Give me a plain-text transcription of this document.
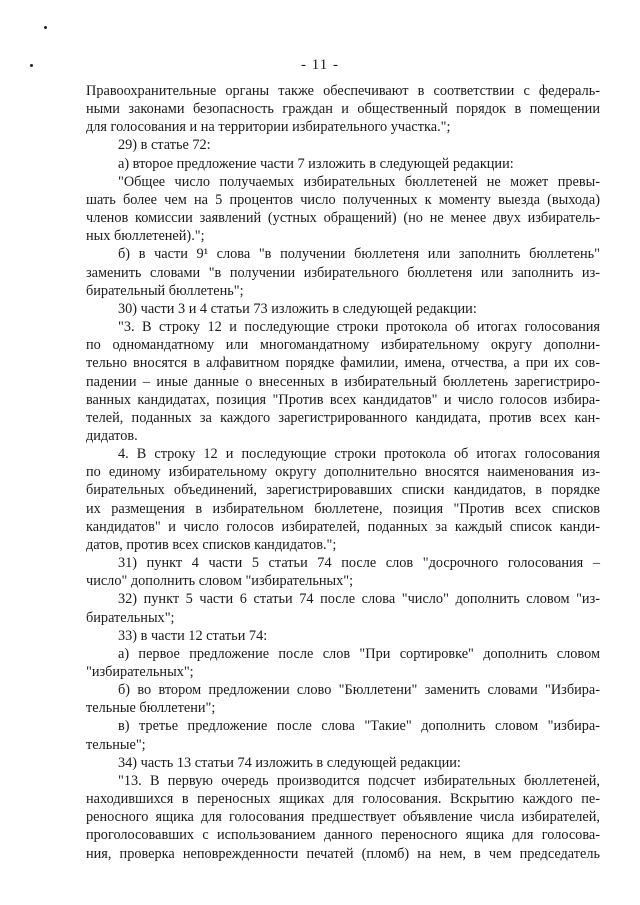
- 11 -

Правоохранительные органы также обеспечивают в соответствии с федераль-

ными законами безопасность граждан и общественный порядок в помещении

для голосования и на территории избирательного участка.";

29) в статье 72:

а) второе предложение части 7 изложить в следующей редакции:

"Общее число получаемых избирательных бюллетеней не может превы-

шать более чем на 5 процентов число полученных к моменту выезда (выхода)

членов комиссии заявлений (устных обращений) (но не менее двух избиратель-

ных бюллетеней).";

б) в части 9¹ слова "в получении бюллетеня или заполнить бюллетень"

заменить словами "в получении избирательного бюллетеня или заполнить из-

бирательный бюллетень";

30) части 3 и 4 статьи 73 изложить в следующей редакции:

"3. В строку 12 и последующие строки протокола об итогах голосования

по одномандатному или многомандатному избирательному округу дополни-

тельно вносятся в алфавитном порядке фамилии, имена, отчества, а при их сов-

падении – иные данные о внесенных в избирательный бюллетень зарегистриро-

ванных кандидатах, позиция "Против всех кандидатов" и число голосов избира-

телей, поданных за каждого зарегистрированного кандидата, против всех кан-

дидатов.

4. В строку 12 и последующие строки протокола об итогах голосования

по единому избирательному округу дополнительно вносятся наименования из-

бирательных объединений, зарегистрировавших списки кандидатов, в порядке

их размещения в избирательном бюллетене, позиция "Против всех списков

кандидатов" и число голосов избирателей, поданных за каждый список канди-

датов, против всех списков кандидатов.";

31) пункт 4 части 5 статьи 74 после слов "досрочного голосования –

число" дополнить словом "избирательных";

32) пункт 5 части 6 статьи 74 после слова "число" дополнить словом "из-

бирательных";

33) в части 12 статьи 74:

а) первое предложение после слов "При сортировке" дополнить словом

"избирательных";

б) во втором предложении слово "Бюллетени" заменить словами "Избира-

тельные бюллетени";

в) третье предложение после слова "Такие" дополнить словом "избира-

тельные";

34) часть 13 статьи 74 изложить в следующей редакции:

"13. В первую очередь производится подсчет избирательных бюллетеней,

находившихся в переносных ящиках для голосования. Вскрытию каждого пе-

реносного ящика для голосования предшествует объявление числа избирателей,

проголосовавших с использованием данного переносного ящика для голосова-

ния, проверка неповрежденности печатей (пломб) на нем, в чем председатель
